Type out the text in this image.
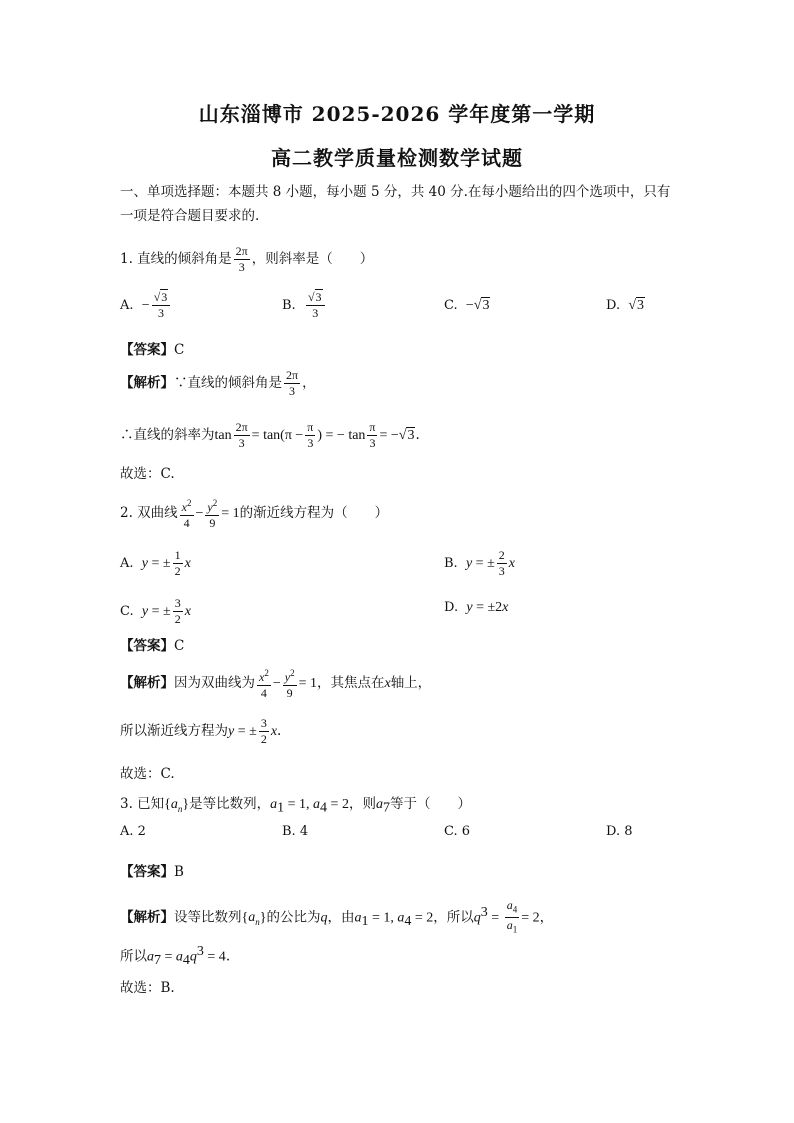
山东淄博市 2025-2026 学年度第一学期
高二教学质量检测数学试题
一、单项选择题：本题共 8 小题，每小题 5 分，共 40 分.在每小题给出的四个选项中，只有一项是符合题目要求的.
1. 直线的倾斜角是 $\frac{2\pi}{3}$ ，则斜率是（　　）
A. − $\frac{√3}{3}$	B. $\frac{√3}{3}$	C. −√3	D. √3
【答案】C
【解析】∵直线的倾斜角是 $\frac{2\pi}{3}$ ，
∴直线的斜率为$\tan \frac{2\pi}{3} = \tan(\pi - \frac{\pi}{3}$ ) = − $\tan \frac{\pi}{3} = -√3$.
故选：C.
2. 双曲线 $\frac{x^2}{4} - \frac{y^2}{9} = 1$的渐近线方程为（　　）
A. y = ± $\frac{1}{2}$ x	B. y = ± $\frac{2}{3}$ x
C. y = ± $\frac{3}{2}$ x	D. y = ±2x
【答案】C
【解析】因为双曲线为 $\frac{x^2}{4} - \frac{y^2}{9} = 1$，其焦点在x轴上，
所以渐近线方程为y = ± $\frac{3}{2} x$.
故选：C.
3. 已知$\{a_n\}$是等比数列，$a_1 = 1$, $a_4 = 2$，则$a_7$等于（　　）
A. 2	B. 4	C. 6	D. 8
【答案】B
【解析】设等比数列$\{a_n\}$的公比为q，由$a_1 = 1$, $a_4 = 2$，所以$q^3 = \frac{a_4}{a_1} = 2$，
所以$a_7 = a_4q^3 = 4$.
故选：B.
